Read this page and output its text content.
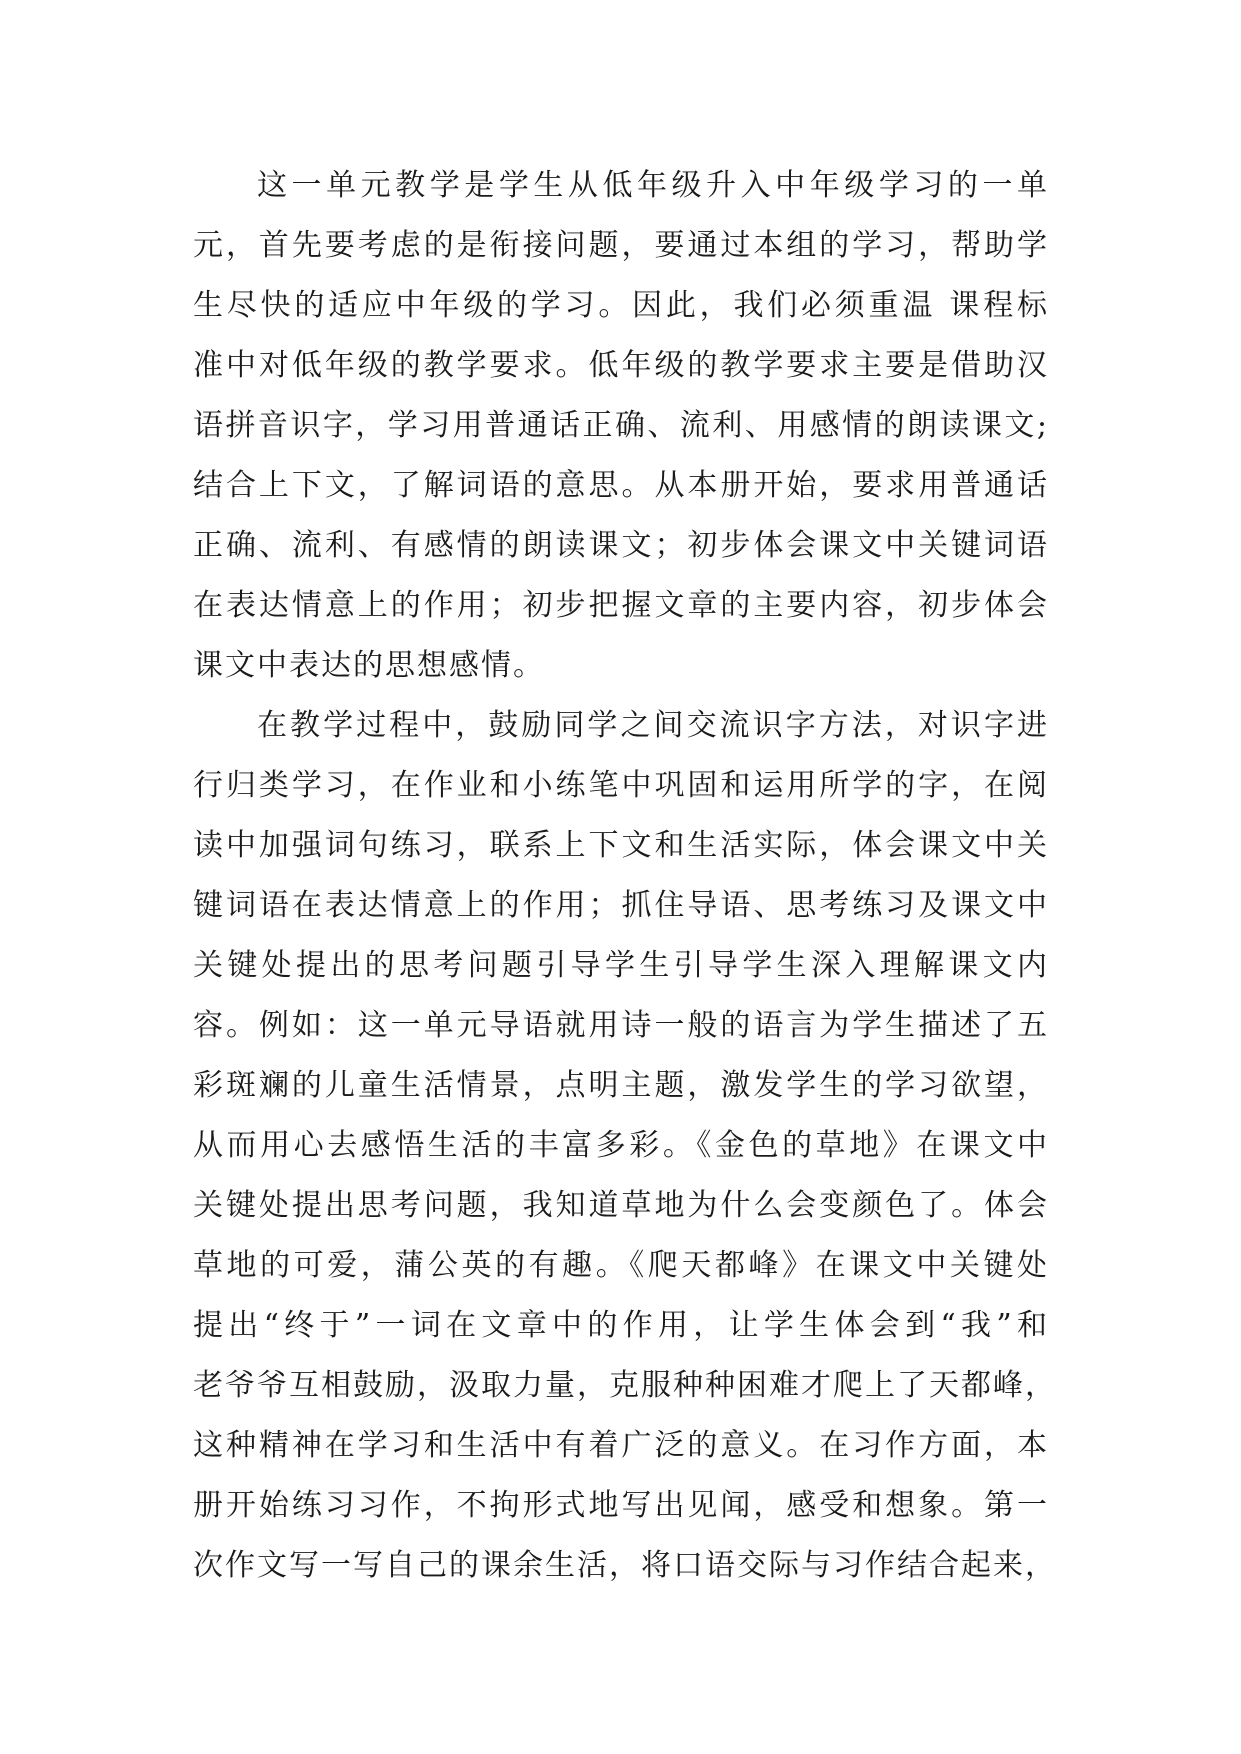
这一单元教学是学生从低年级升入中年级学习的一单
元，首先要考虑的是衔接问题，要通过本组的学习，帮助学
生尽快的适应中年级的学习。因此，我们必须重温 课程标
准中对低年级的教学要求。低年级的教学要求主要是借助汉
语拼音识字，学习用普通话正确、流利、用感情的朗读课文;
结合上下文，了解词语的意思。从本册开始，要求用普通话
正确、流利、有感情的朗读课文；初步体会课文中关键词语
在表达情意上的作用；初步把握文章的主要内容，初步体会
课文中表达的思想感情。
在教学过程中，鼓励同学之间交流识字方法，对识字进
行归类学习，在作业和小练笔中巩固和运用所学的字，在阅
读中加强词句练习，联系上下文和生活实际，体会课文中关
键词语在表达情意上的作用；抓住导语、思考练习及课文中
关键处提出的思考问题引导学生引导学生深入理解课文内
容。例如：这一单元导语就用诗一般的语言为学生描述了五
彩斑斓的儿童生活情景，点明主题，激发学生的学习欲望，
从而用心去感悟生活的丰富多彩。《金色的草地》在课文中
关键处提出思考问题，我知道草地为什么会变颜色了。体会
草地的可爱，蒲公英的有趣。《爬天都峰》在课文中关键处
提出“终于”一词在文章中的作用，让学生体会到“我”和
老爷爷互相鼓励，汲取力量，克服种种困难才爬上了天都峰，
这种精神在学习和生活中有着广泛的意义。在习作方面，本
册开始练习习作，不拘形式地写出见闻，感受和想象。第一
次作文写一写自己的课余生活，将口语交际与习作结合起来，
